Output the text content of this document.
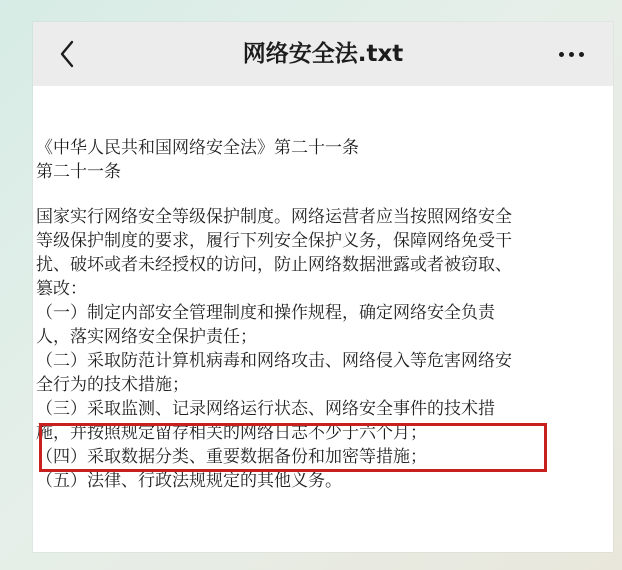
网络安全法.txt
《中华人民共和国网络安全法》第二十一条
第二十一条
国家实行网络安全等级保护制度。网络运营者应当按照网络安全
等级保护制度的要求，履行下列安全保护义务，保障网络免受干
扰、破坏或者未经授权的访问，防止网络数据泄露或者被窃取、
篡改：
（一）制定内部安全管理制度和操作规程，确定网络安全负责
人，落实网络安全保护责任；
（二）采取防范计算机病毒和网络攻击、网络侵入等危害网络安
全行为的技术措施；
（三）采取监测、记录网络运行状态、网络安全事件的技术措
施，并按照规定留存相关的网络日志不少于六个月；
（四）采取数据分类、重要数据备份和加密等措施；
（五）法律、行政法规规定的其他义务。
